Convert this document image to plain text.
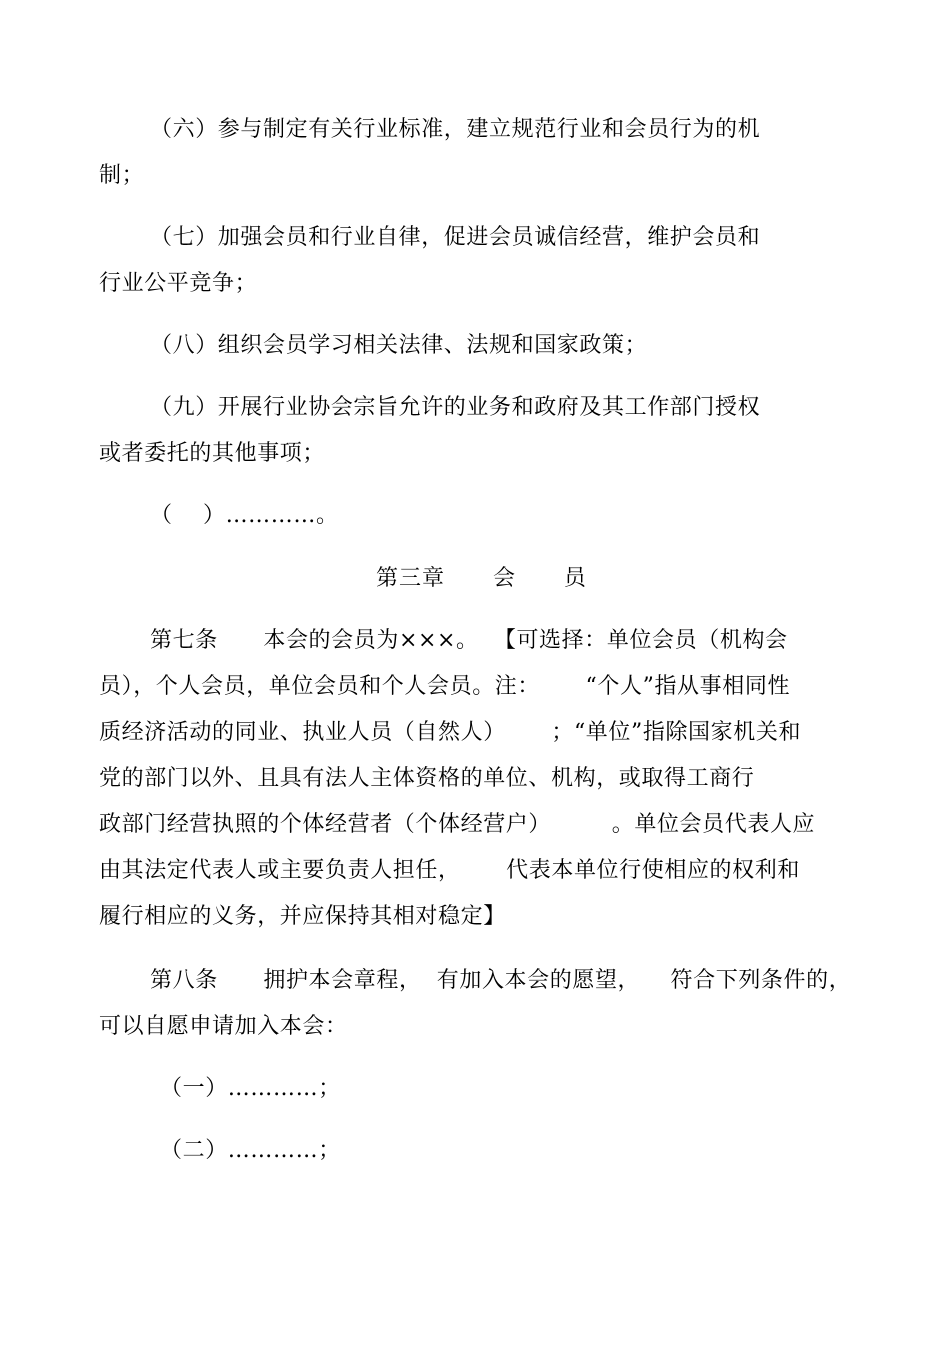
（六）参与制定有关行业标准，建立规范行业和会员行为的机
制；
（七）加强会员和行业自律，促进会员诚信经营，维护会员和
行业公平竞争；
（八）组织会员学习相关法律、法规和国家政策；
（九）开展行业协会宗旨允许的业务和政府及其工作部门授权
或者委托的其他事项；
（    ）…………。
第三章      会      员
第七条      本会的会员为×××。  【可选择：单位会员（机构会
员），个人会员，单位会员和个人会员。注：      “个人”指从事相同性
质经济活动的同业、执业人员（自然人）      ；“单位”指除国家机关和
党的部门以外、且具有法人主体资格的单位、机构，或取得工商行
政部门经营执照的个体经营者（个体经营户）        。单位会员代表人应
由其法定代表人或主要负责人担任，      代表本单位行使相应的权利和
履行相应的义务，并应保持其相对稳定】
第八条      拥护本会章程，  有加入本会的愿望，    符合下列条件的，
可以自愿申请加入本会：
（一）…………；
（二）…………；
